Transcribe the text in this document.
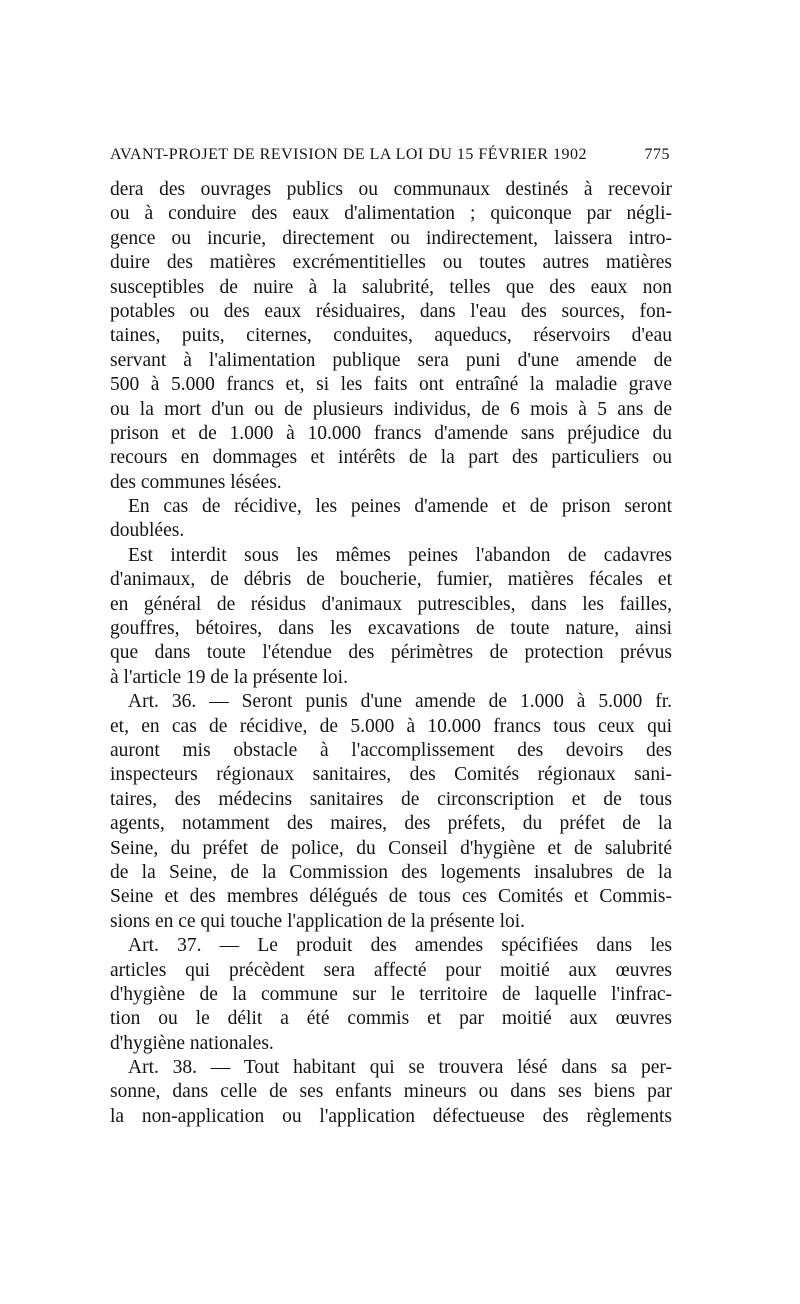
AVANT-PROJET DE REVISION DE LA LOI DU 15 FÉVRIER 1902	775
dera des ouvrages publics ou communaux destinés à recevoir
ou à conduire des eaux d'alimentation ; quiconque par négli-
gence ou incurie, directement ou indirectement, laissera intro-
duire des matières excrémentitielles ou toutes autres matières
susceptibles de nuire à la salubrité, telles que des eaux non
potables ou des eaux résiduaires, dans l'eau des sources, fon-
taines, puits, citernes, conduites, aqueducs, réservoirs d'eau
servant à l'alimentation publique sera puni d'une amende de
500 à 5.000 francs et, si les faits ont entraîné la maladie grave
ou la mort d'un ou de plusieurs individus, de 6 mois à 5 ans de
prison et de 1.000 à 10.000 francs d'amende sans préjudice du
recours en dommages et intérêts de la part des particuliers ou
des communes lésées.
En cas de récidive, les peines d'amende et de prison seront
doublées.
Est interdit sous les mêmes peines l'abandon de cadavres
d'animaux, de débris de boucherie, fumier, matières fécales et
en général de résidus d'animaux putrescibles, dans les failles,
gouffres, bétoires, dans les excavations de toute nature, ainsi
que dans toute l'étendue des périmètres de protection prévus
à l'article 19 de la présente loi.
Art. 36. — Seront punis d'une amende de 1.000 à 5.000 fr.
et, en cas de récidive, de 5.000 à 10.000 francs tous ceux qui
auront mis obstacle à l'accomplissement des devoirs des
inspecteurs régionaux sanitaires, des Comités régionaux sani-
taires, des médecins sanitaires de circonscription et de tous
agents, notamment des maires, des préfets, du préfet de la
Seine, du préfet de police, du Conseil d'hygiène et de salubrité
de la Seine, de la Commission des logements insalubres de la
Seine et des membres délégués de tous ces Comités et Commis-
sions en ce qui touche l'application de la présente loi.
Art. 37. — Le produit des amendes spécifiées dans les
articles qui précèdent sera affecté pour moitié aux œuvres
d'hygiène de la commune sur le territoire de laquelle l'infrac-
tion ou le délit a été commis et par moitié aux œuvres
d'hygiène nationales.
Art. 38. — Tout habitant qui se trouvera lésé dans sa per-
sonne, dans celle de ses enfants mineurs ou dans ses biens par
la non-application ou l'application défectueuse des règlements
